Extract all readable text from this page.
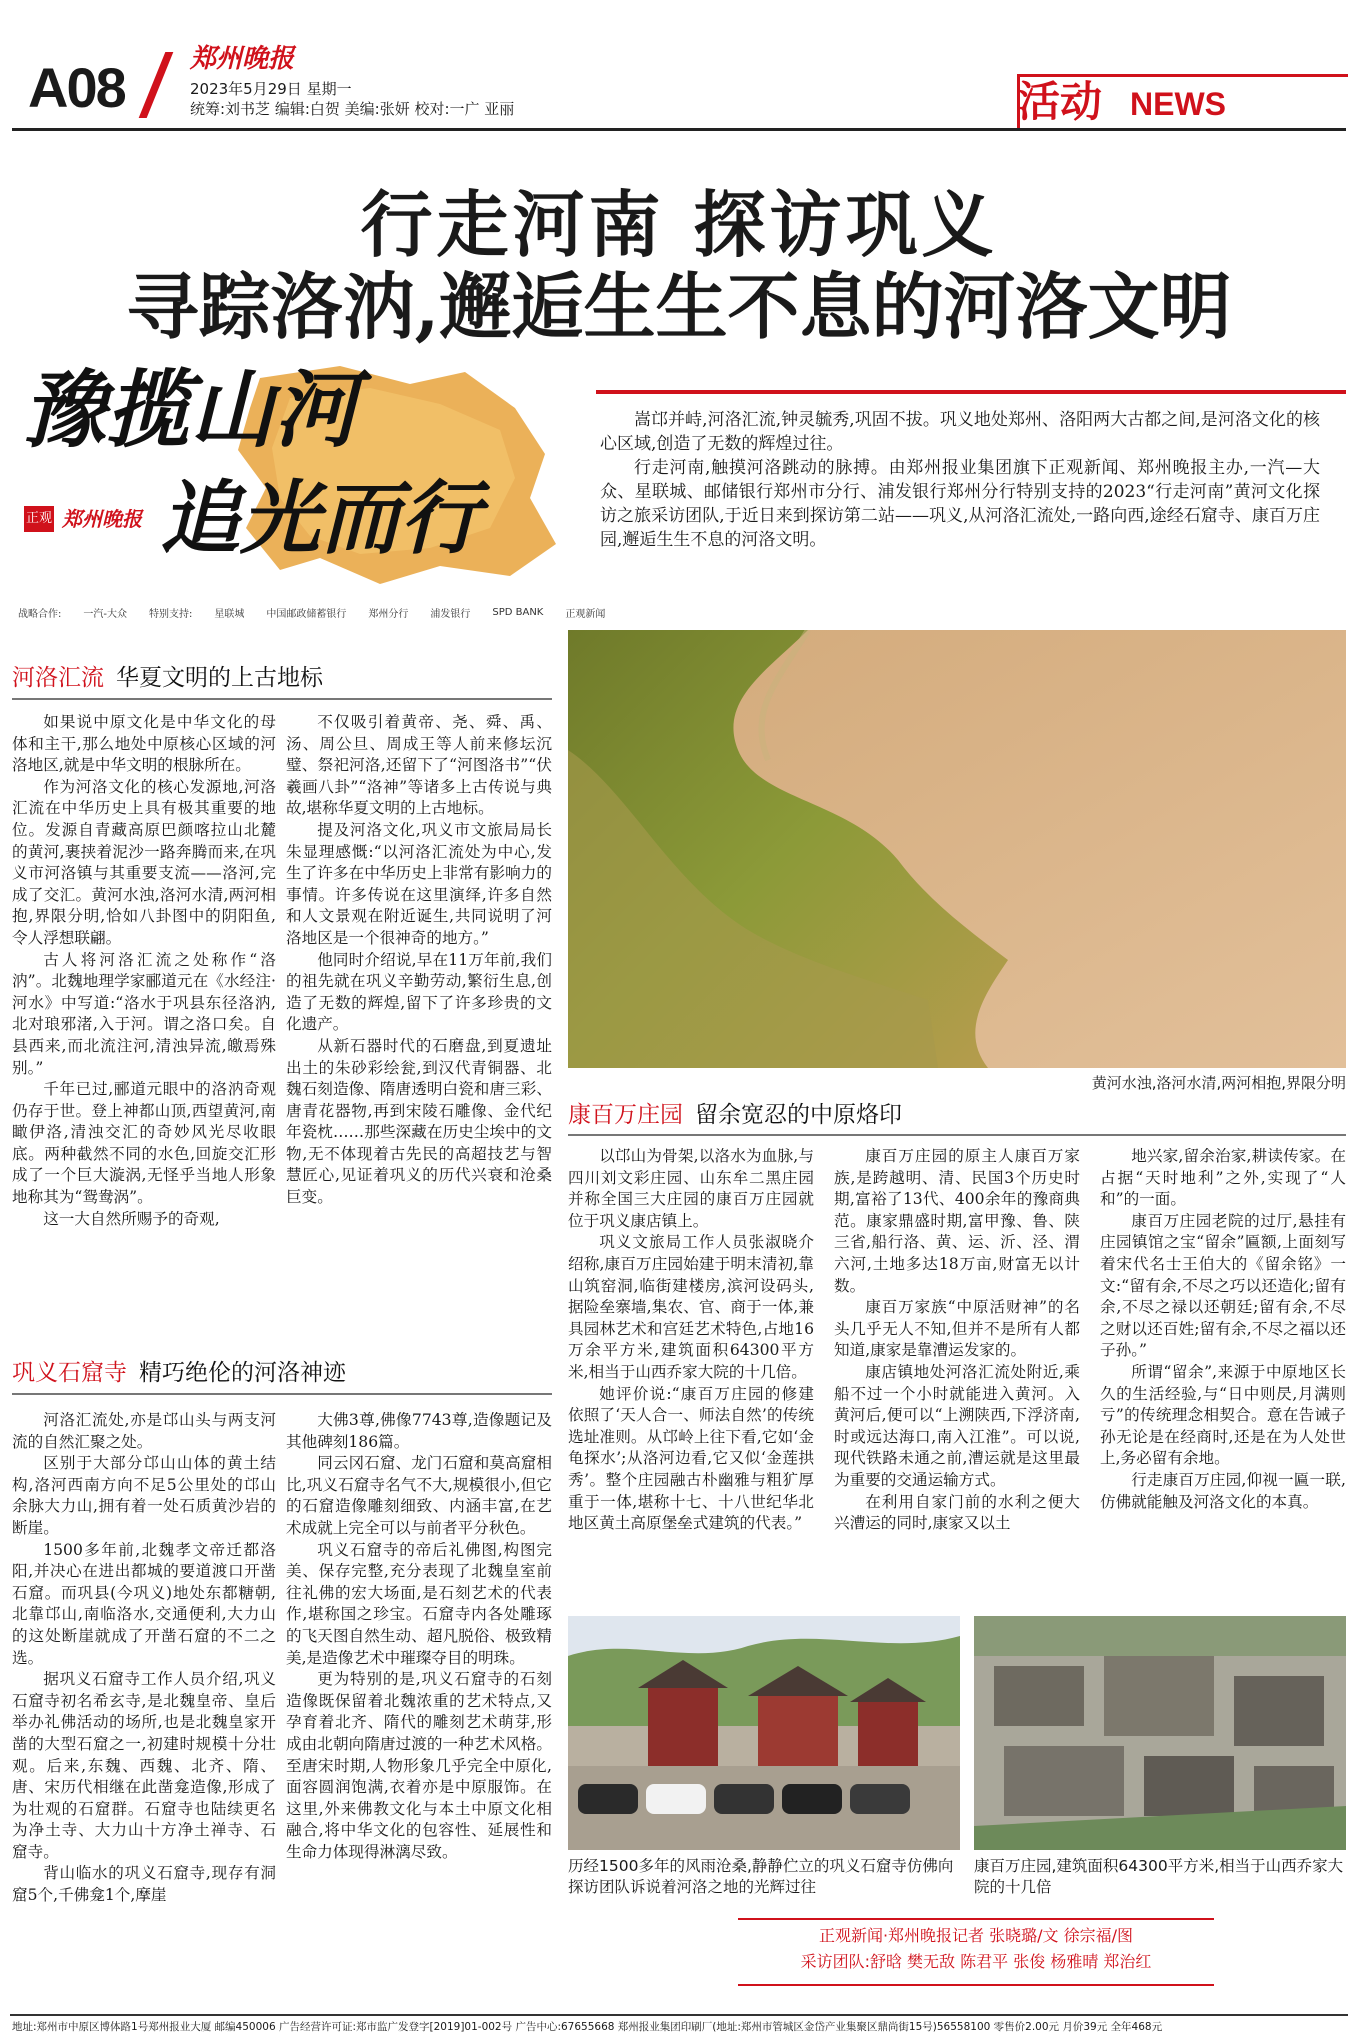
A08	郑州晚报
2023年5月29日 星期一
统筹:刘书芝 编辑:白贺 美编:张妍 校对:一广 亚丽	活动 NEWS
行走河南 探访巩义
寻踪洛汭,邂逅生生不息的河洛文明
豫揽山河
追光而行
正观 郑州晚报
战略合作: 一汽-大众 特别支持: 星联城 中国邮政储蓄银行 郑州分行 浦发银行 SPD BANK 正观新闻

嵩邙并峙,河洛汇流,钟灵毓秀,巩固不拔。巩义地处郑州、洛阳两大古都之间,是河洛文化的核心区域,创造了无数的辉煌过往。

行走河南,触摸河洛跳动的脉搏。由郑州报业集团旗下正观新闻、郑州晚报主办,一汽—大众、星联城、邮储银行郑州市分行、浦发银行郑州分行特别支持的2023“行走河南”黄河文化探访之旅采访团队,于近日来到探访第二站——巩义,从河洛汇流处,一路向西,途经石窟寺、康百万庄园,邂逅生生不息的河洛文明。

河洛汇流 华夏文明的上古地标

如果说中原文化是中华文化的母体和主干,那么地处中原核心区域的河洛地区,就是中华文明的根脉所在。

作为河洛文化的核心发源地,河洛汇流在中华历史上具有极其重要的地位。发源自青藏高原巴颜喀拉山北麓的黄河,裹挟着泥沙一路奔腾而来,在巩义市河洛镇与其重要支流——洛河,完成了交汇。黄河水浊,洛河水清,两河相抱,界限分明,恰如八卦图中的阴阳鱼,令人浮想联翩。

古人将河洛汇流之处称作“洛汭”。北魏地理学家郦道元在《水经注·河水》中写道:“洛水于巩县东径洛汭,北对琅邪渚,入于河。谓之洛口矣。自县西来,而北流注河,清浊异流,皦焉殊别。”

千年已过,郦道元眼中的洛汭奇观仍存于世。登上神都山顶,西望黄河,南瞰伊洛,清浊交汇的奇妙风光尽收眼底。两种截然不同的水色,回旋交汇形成了一个巨大漩涡,无怪乎当地人形象地称其为“鸳鸯涡”。

这一大自然所赐予的奇观,

不仅吸引着黄帝、尧、舜、禹、汤、周公旦、周成王等人前来修坛沉璧、祭祀河洛,还留下了“河图洛书”“伏羲画八卦”“洛神”等诸多上古传说与典故,堪称华夏文明的上古地标。

提及河洛文化,巩义市文旅局局长朱显理感慨:“以河洛汇流处为中心,发生了许多在中华历史上非常有影响力的事情。许多传说在这里演绎,许多自然和人文景观在附近诞生,共同说明了河洛地区是一个很神奇的地方。”

他同时介绍说,早在11万年前,我们的祖先就在巩义辛勤劳动,繁衍生息,创造了无数的辉煌,留下了许多珍贵的文化遗产。

从新石器时代的石磨盘,到夏遗址出土的朱砂彩绘瓮,到汉代青铜器、北魏石刻造像、隋唐透明白瓷和唐三彩、唐青花器物,再到宋陵石雕像、金代纪年瓷枕……那些深藏在历史尘埃中的文物,无不体现着古先民的高超技艺与智慧匠心,见证着巩义的历代兴衰和沧桑巨变。

巩义石窟寺 精巧绝伦的河洛神迹

河洛汇流处,亦是邙山头与两支河流的自然汇聚之处。

区别于大部分邙山山体的黄土结构,洛河西南方向不足5公里处的邙山余脉大力山,拥有着一处石质黄沙岩的断崖。

1500多年前,北魏孝文帝迁都洛阳,并决心在进出都城的要道渡口开凿石窟。而巩县(今巩义)地处东都糖朝,北靠邙山,南临洛水,交通便利,大力山的这处断崖就成了开凿石窟的不二之选。

据巩义石窟寺工作人员介绍,巩义石窟寺初名希玄寺,是北魏皇帝、皇后举办礼佛活动的场所,也是北魏皇家开凿的大型石窟之一,初建时规模十分壮观。后来,东魏、西魏、北齐、隋、唐、宋历代相继在此凿龛造像,形成了为壮观的石窟群。石窟寺也陆续更名为净土寺、大力山十方净土禅寺、石窟寺。

背山临水的巩义石窟寺,现存有洞窟5个,千佛龛1个,摩崖

大佛3尊,佛像7743尊,造像题记及其他碑刻186篇。

同云冈石窟、龙门石窟和莫高窟相比,巩义石窟寺名气不大,规模很小,但它的石窟造像雕刻细致、内涵丰富,在艺术成就上完全可以与前者平分秋色。

巩义石窟寺的帝后礼佛图,构图完美、保存完整,充分表现了北魏皇室前往礼佛的宏大场面,是石刻艺术的代表作,堪称国之珍宝。石窟寺内各处雕琢的飞天图自然生动、超凡脱俗、极致精美,是造像艺术中璀璨夺目的明珠。

更为特别的是,巩义石窟寺的石刻造像既保留着北魏浓重的艺术特点,又孕育着北齐、隋代的雕刻艺术萌芽,形成由北朝向隋唐过渡的一种艺术风格。至唐宋时期,人物形象几乎完全中原化,面容圆润饱满,衣着亦是中原服饰。在这里,外来佛教文化与本土中原文化相融合,将中华文化的包容性、延展性和生命力体现得淋漓尽致。

黄河水浊,洛河水清,两河相抱,界限分明
康百万庄园 留余宽忍的中原烙印

以邙山为骨架,以洛水为血脉,与四川刘文彩庄园、山东牟二黑庄园并称全国三大庄园的康百万庄园就位于巩义康店镇上。

巩义文旅局工作人员张淑晓介绍称,康百万庄园始建于明末清初,靠山筑窑洞,临街建楼房,滨河设码头,据险垒寨墙,集农、官、商于一体,兼具园林艺术和宫廷艺术特色,占地16万余平方米,建筑面积64300平方米,相当于山西乔家大院的十几倍。

她评价说:“康百万庄园的修建依照了‘天人合一、师法自然’的传统选址准则。从邙岭上往下看,它如‘金龟探水’;从洛河边看,它又似‘金莲拱秀’。整个庄园融古朴幽雅与粗犷厚重于一体,堪称十七、十八世纪华北地区黄土高原堡垒式建筑的代表。”

康百万庄园的原主人康百万家族,是跨越明、清、民国3个历史时期,富裕了13代、400余年的豫商典范。康家鼎盛时期,富甲豫、鲁、陕三省,船行洛、黄、运、沂、泾、渭六河,土地多达18万亩,财富无以计数。

康百万家族“中原活财神”的名头几乎无人不知,但并不是所有人都知道,康家是靠漕运发家的。

康店镇地处河洛汇流处附近,乘船不过一个小时就能进入黄河。入黄河后,便可以“上溯陕西,下浮济南,时或远达海口,南入江淮”。可以说,现代铁路未通之前,漕运就是这里最为重要的交通运输方式。

在利用自家门前的水利之便大兴漕运的同时,康家又以土

地兴家,留余治家,耕读传家。在占据“天时地利”之外,实现了“人和”的一面。

康百万庄园老院的过厅,悬挂有庄园镇馆之宝“留余”匾额,上面刻写着宋代名士王伯大的《留余铭》一文:“留有余,不尽之巧以还造化;留有余,不尽之禄以还朝廷;留有余,不尽之财以还百姓;留有余,不尽之福以还子孙。”

所谓“留余”,来源于中原地区长久的生活经验,与“日中则昃,月满则亏”的传统理念相契合。意在告诫子孙无论是在经商时,还是在为人处世上,务必留有余地。

行走康百万庄园,仰视一匾一联,仿佛就能触及河洛文化的本真。

历经1500多年的风雨沧桑,静静伫立的巩义石窟寺仿佛向探访团队诉说着河洛之地的光辉过往
康百万庄园,建筑面积64300平方米,相当于山西乔家大院的十几倍
正观新闻·郑州晚报记者 张晓璐/文 徐宗福/图
采访团队:舒晗 樊无敌 陈君平 张俊 杨雅晴 郑治红
地址:郑州市中原区博体路1号郑州报业大厦 邮编450006 广告经营许可证:郑市监广发登字[2019]01-002号 广告中心:67655668 郑州报业集团印刷厂(地址:郑州市管城区金岱产业集聚区鼎尚街15号)56558100 零售价2.00元 月价39元 全年468元
